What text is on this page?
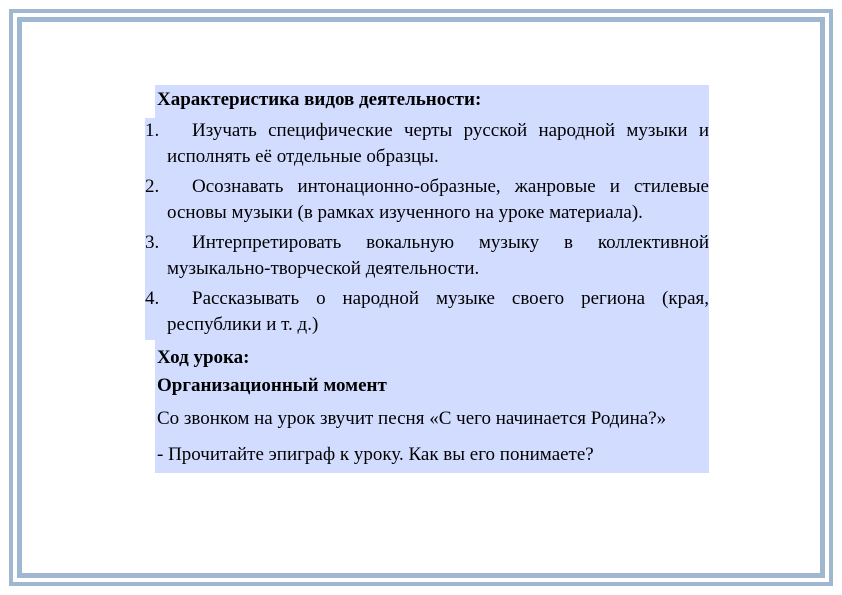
Характеристика видов деятельности:
1.	Изучать специфические черты русской народной музыки и исполнять её отдельные образцы.
2.	Осознавать интонационно-образные, жанровые и стилевые основы музыки (в рамках изученного на уроке материала).
3.	Интерпретировать вокальную музыку в коллективной музыкально-творческой деятельности.
4.	Рассказывать о народной музыке своего региона (края, республики и т. д.)
Ход урока:
Организационный момент
Со звонком на урок звучит песня «С чего начинается Родина?»
- Прочитайте эпиграф к уроку. Как вы его понимаете?
